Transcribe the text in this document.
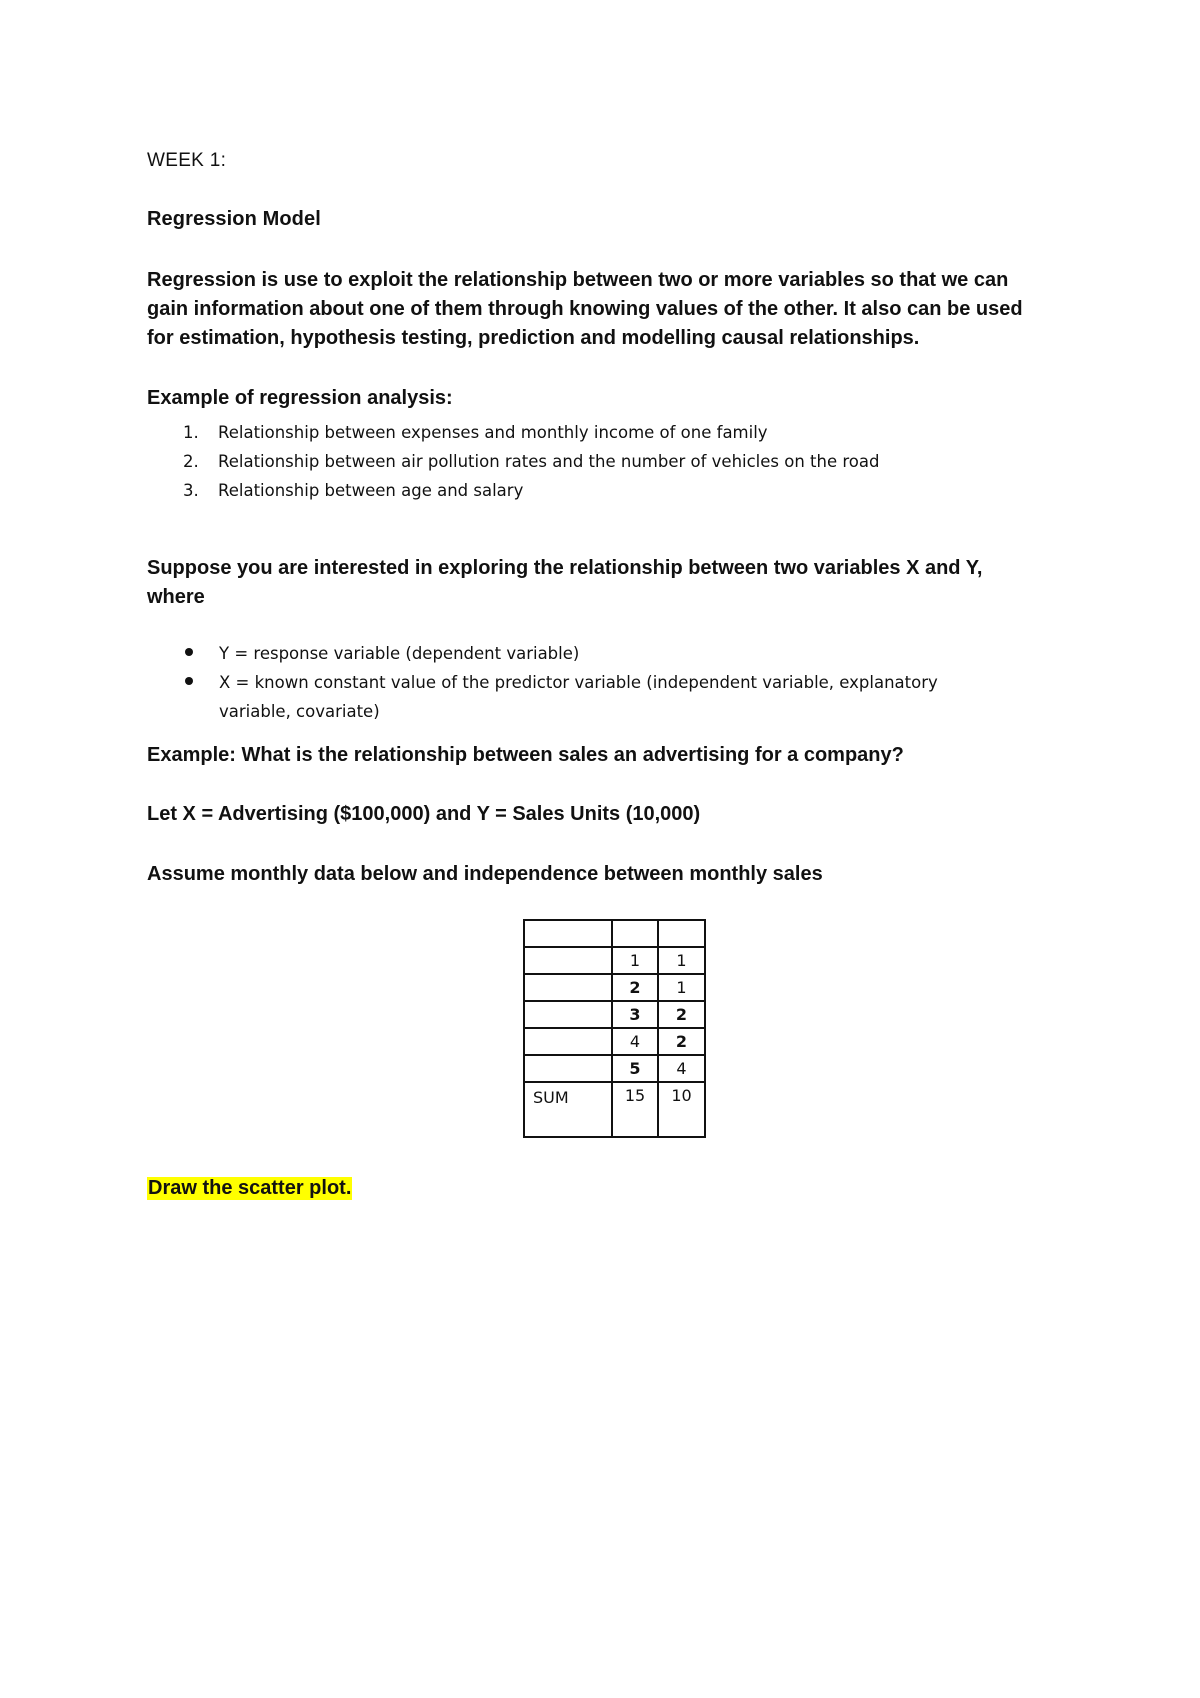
WEEK 1:

Regression Model

Regression is use to exploit the relationship between two or more variables so that we can
gain information about one of them through knowing values of the other. It also can be used
for estimation, hypothesis testing, prediction and modelling causal relationships.

Example of regression analysis:

1. Relationship between expenses and monthly income of one family
2. Relationship between air pollution rates and the number of vehicles on the road
3. Relationship between age and salary

Suppose you are interested in exploring the relationship between two variables X and Y,
where

Y = response variable (dependent variable)
X = known constant value of the predictor variable (independent variable, explanatory
variable, covariate)

Example: What is the relationship between sales an advertising for a company?

Let X = Advertising ($100,000) and Y = Sales Units (10,000)

Assume monthly data below and independence between monthly sales

	1	1
	2	1
	3	2
	4	2
	5	4
SUM	15	10

Draw the scatter plot.
